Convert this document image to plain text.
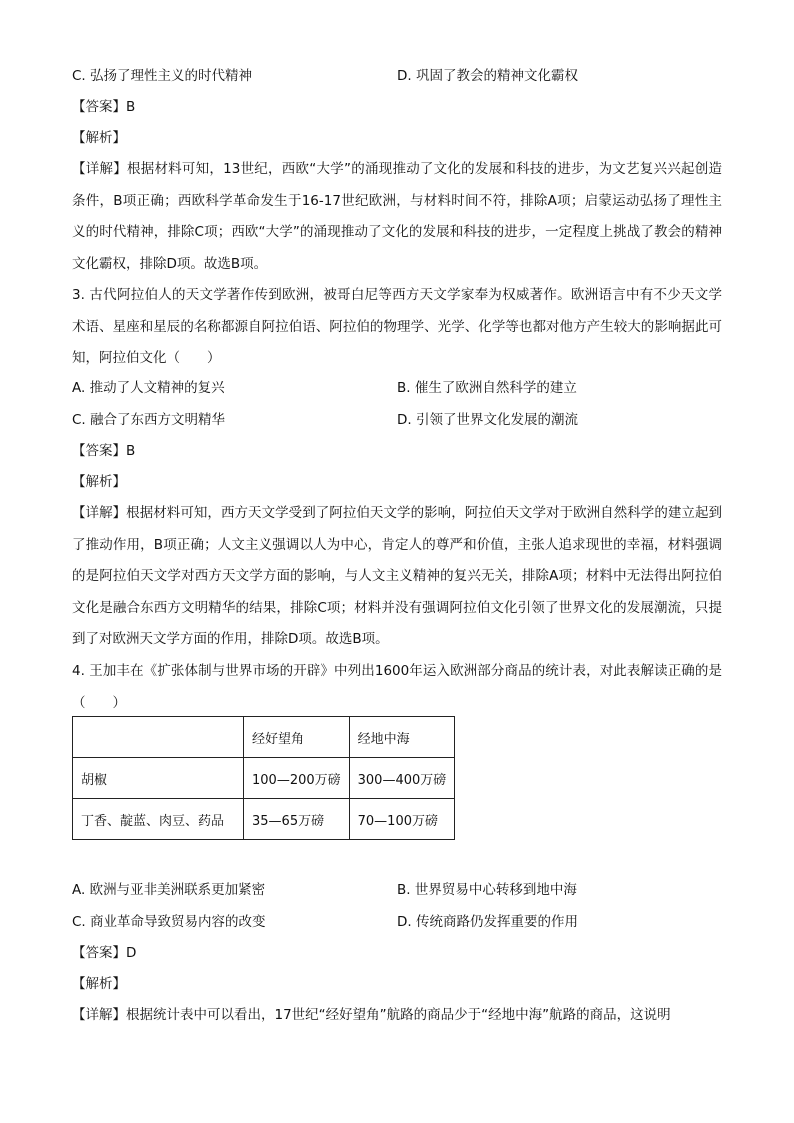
C. 弘扬了理性主义的时代精神	D. 巩固了教会的精神文化霸权
【答案】B
【解析】
【详解】根据材料可知，13世纪，西欧“大学”的涌现推动了文化的发展和科技的进步，为文艺复兴兴起创造条件，B项正确；西欧科学革命发生于16-17世纪欧洲，与材料时间不符，排除A项；启蒙运动弘扬了理性主义的时代精神，排除C项；西欧“大学”的涌现推动了文化的发展和科技的进步，一定程度上挑战了教会的精神文化霸权，排除D项。故选B项。
3. 古代阿拉伯人的天文学著作传到欧洲，被哥白尼等西方天文学家奉为权威著作。欧洲语言中有不少天文学术语、星座和星辰的名称都源自阿拉伯语、阿拉伯的物理学、光学、化学等也都对他方产生较大的影响据此可知，阿拉伯文化（　　）
A. 推动了人文精神的复兴	B. 催生了欧洲自然科学的建立
C. 融合了东西方文明精华	D. 引领了世界文化发展的潮流
【答案】B
【解析】
【详解】根据材料可知，西方天文学受到了阿拉伯天文学的影响，阿拉伯天文学对于欧洲自然科学的建立起到了推动作用，B项正确；人文主义强调以人为中心，肯定人的尊严和价值，主张人追求现世的幸福，材料强调的是阿拉伯天文学对西方天文学方面的影响，与人文主义精神的复兴无关，排除A项；材料中无法得出阿拉伯文化是融合东西方文明精华的结果，排除C项；材料并没有强调阿拉伯文化引领了世界文化的发展潮流，只提到了对欧洲天文学方面的作用，排除D项。故选B项。
4. 王加丰在《扩张体制与世界市场的开辟》中列出1600年运入欧洲部分商品的统计表，对此表解读正确的是（　　）
	经好望角	经地中海
胡椒	100—200万磅	300—400万磅
丁香、靛蓝、肉豆、药品	35—65万磅	70—100万磅
A. 欧洲与亚非美洲联系更加紧密	B. 世界贸易中心转移到地中海
C. 商业革命导致贸易内容的改变	D. 传统商路仍发挥重要的作用
【答案】D
【解析】
【详解】根据统计表中可以看出，17世纪“经好望角”航路的商品少于“经地中海”航路的商品，这说明
